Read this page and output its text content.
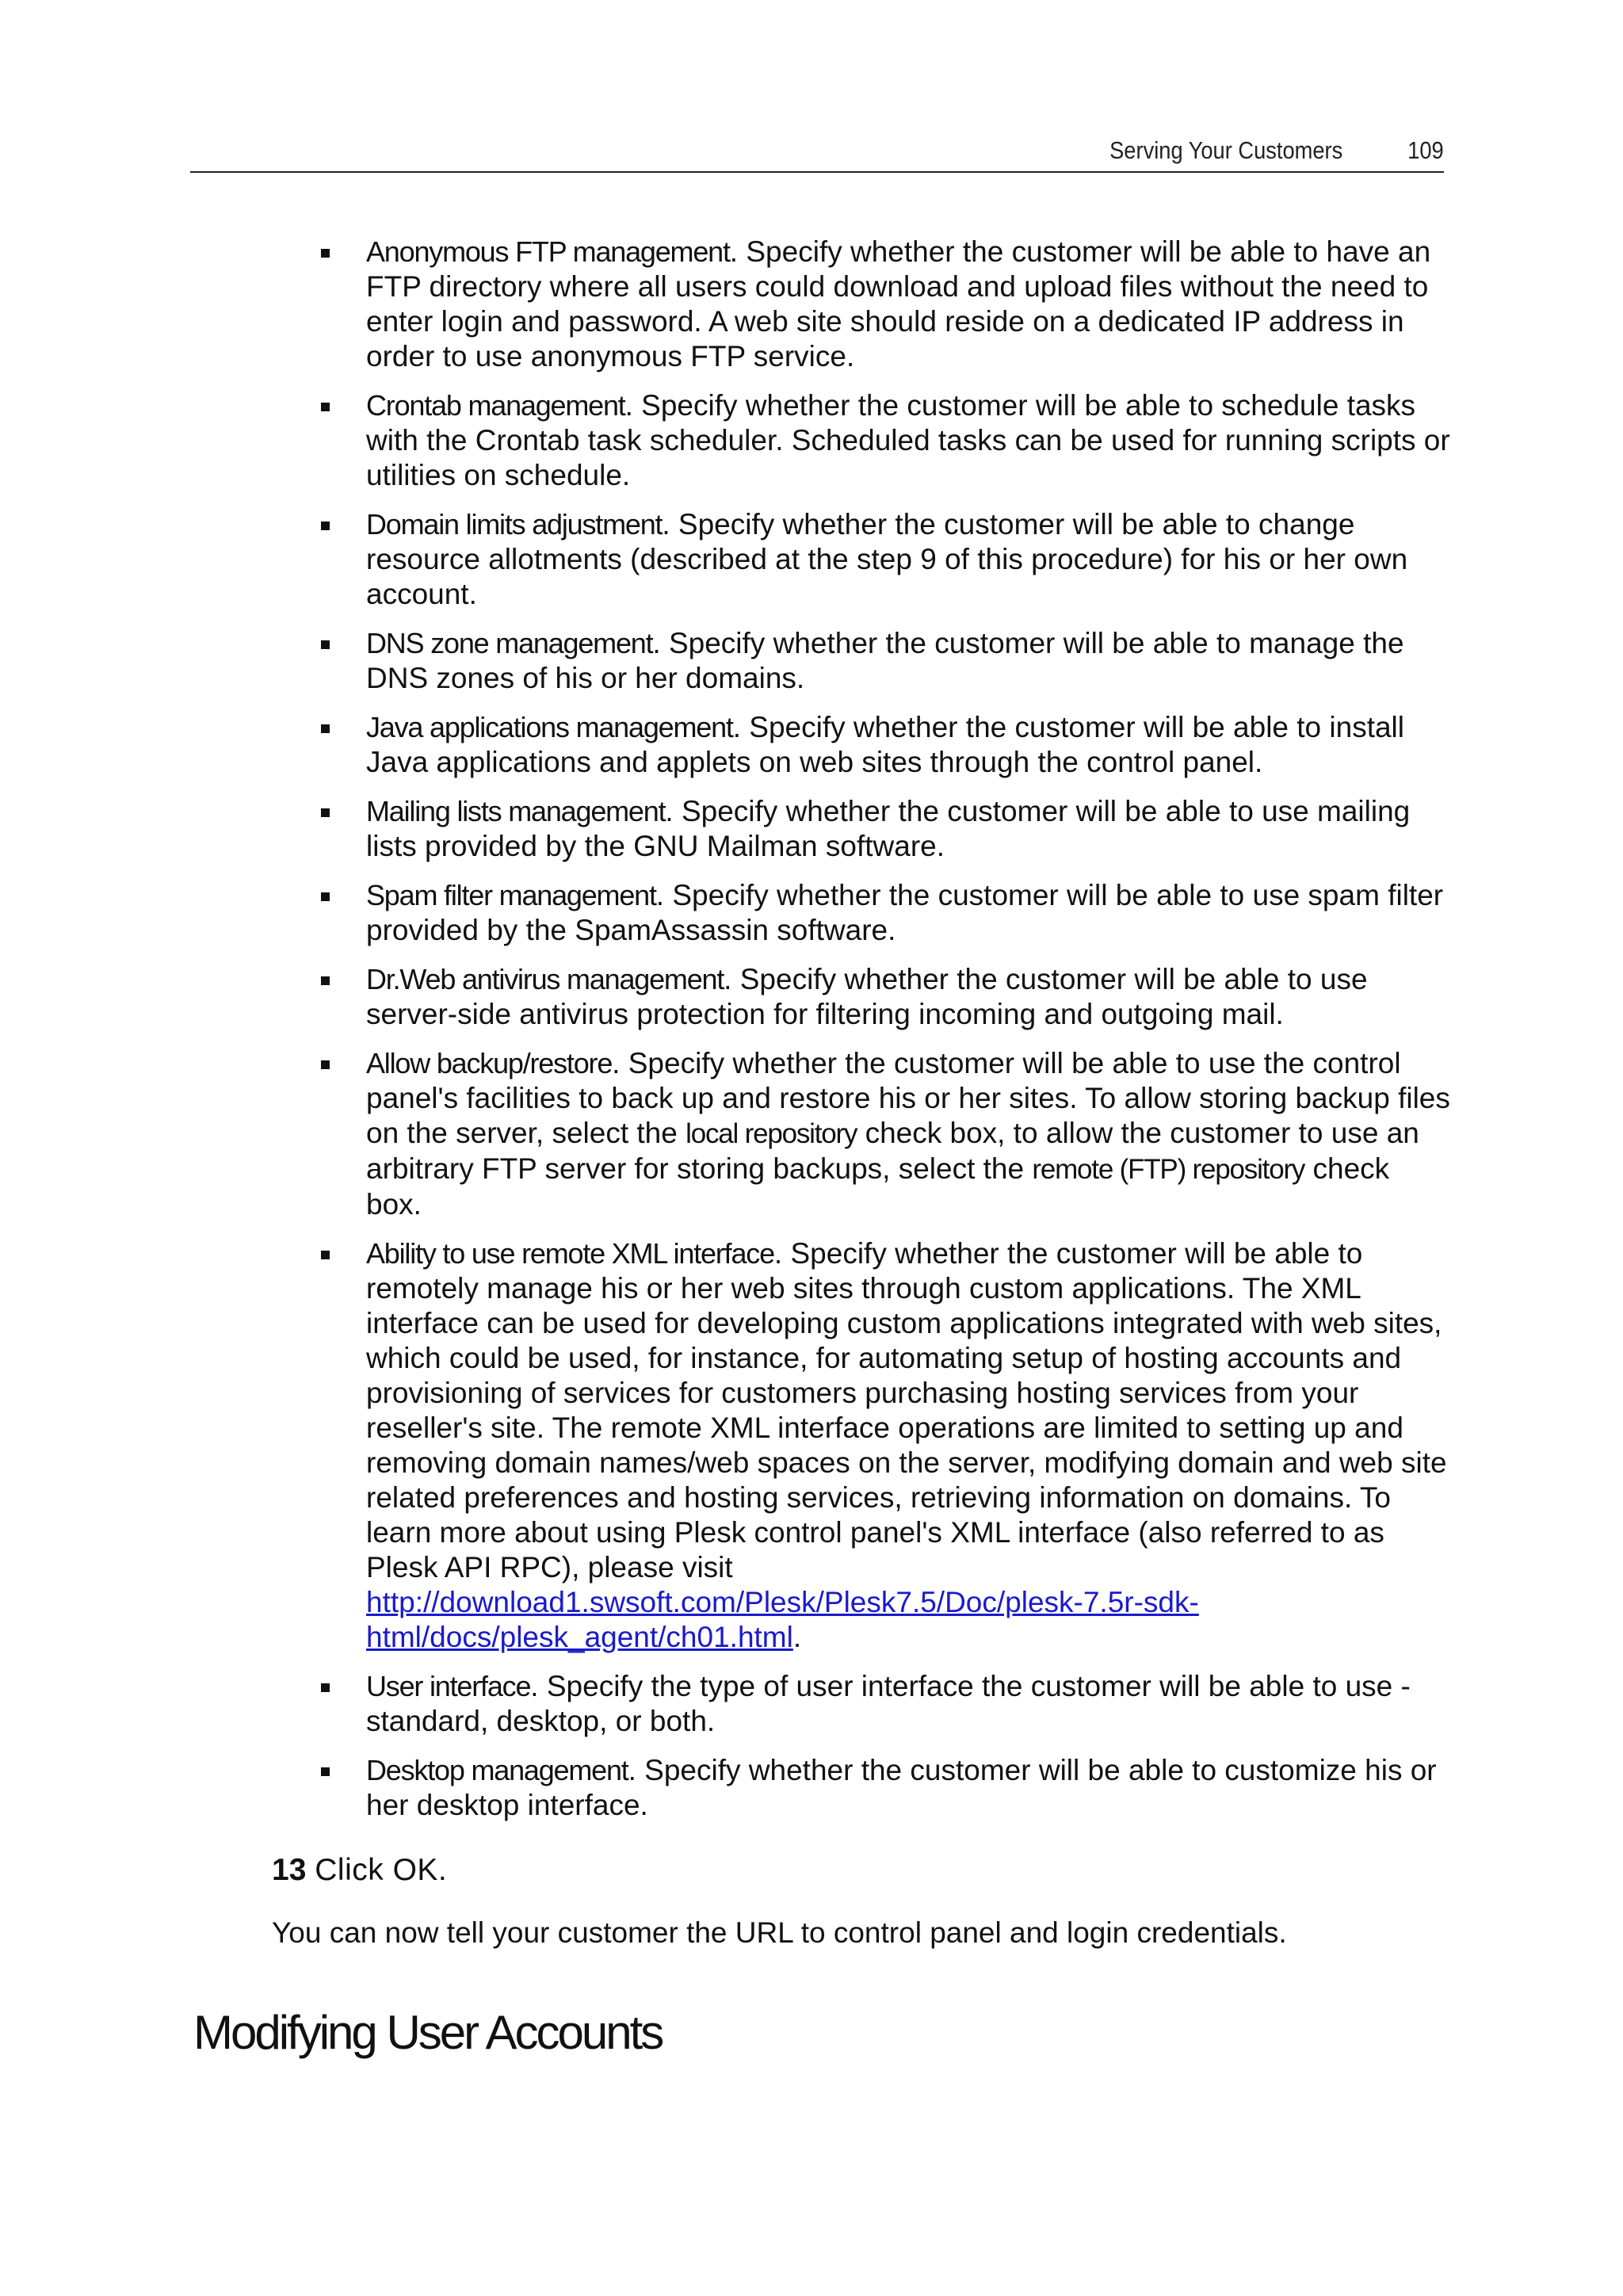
Serving Your Customers	109
Anonymous FTP management. Specify whether the customer will be able to have an FTP directory where all users could download and upload files without the need to enter login and password. A web site should reside on a dedicated IP address in order to use anonymous FTP service.
Crontab management. Specify whether the customer will be able to schedule tasks with the Crontab task scheduler. Scheduled tasks can be used for running scripts or utilities on schedule.
Domain limits adjustment. Specify whether the customer will be able to change resource allotments (described at the step 9 of this procedure) for his or her own account.
DNS zone management. Specify whether the customer will be able to manage the DNS zones of his or her domains.
Java applications management. Specify whether the customer will be able to install Java applications and applets on web sites through the control panel.
Mailing lists management. Specify whether the customer will be able to use mailing lists provided by the GNU Mailman software.
Spam filter management. Specify whether the customer will be able to use spam filter provided by the SpamAssassin software.
Dr.Web antivirus management. Specify whether the customer will be able to use server-side antivirus protection for filtering incoming and outgoing mail.
Allow backup/restore. Specify whether the customer will be able to use the control panel's facilities to back up and restore his or her sites. To allow storing backup files on the server, select the local repository check box, to allow the customer to use an arbitrary FTP server for storing backups, select the remote (FTP) repository check box.
Ability to use remote XML interface. Specify whether the customer will be able to remotely manage his or her web sites through custom applications. The XML interface can be used for developing custom applications integrated with web sites, which could be used, for instance, for automating setup of hosting accounts and provisioning of services for customers purchasing hosting services from your reseller's site. The remote XML interface operations are limited to setting up and removing domain names/web spaces on the server, modifying domain and web site related preferences and hosting services, retrieving information on domains. To learn more about using Plesk control panel's XML interface (also referred to as Plesk API RPC), please visit http://download1.swsoft.com/Plesk/Plesk7.5/Doc/plesk-7.5r-sdk-html/docs/plesk_agent/ch01.html.
User interface. Specify the type of user interface the customer will be able to use - standard, desktop, or both.
Desktop management. Specify whether the customer will be able to customize his or her desktop interface.
13 Click OK.
You can now tell your customer the URL to control panel and login credentials.
Modifying User Accounts
